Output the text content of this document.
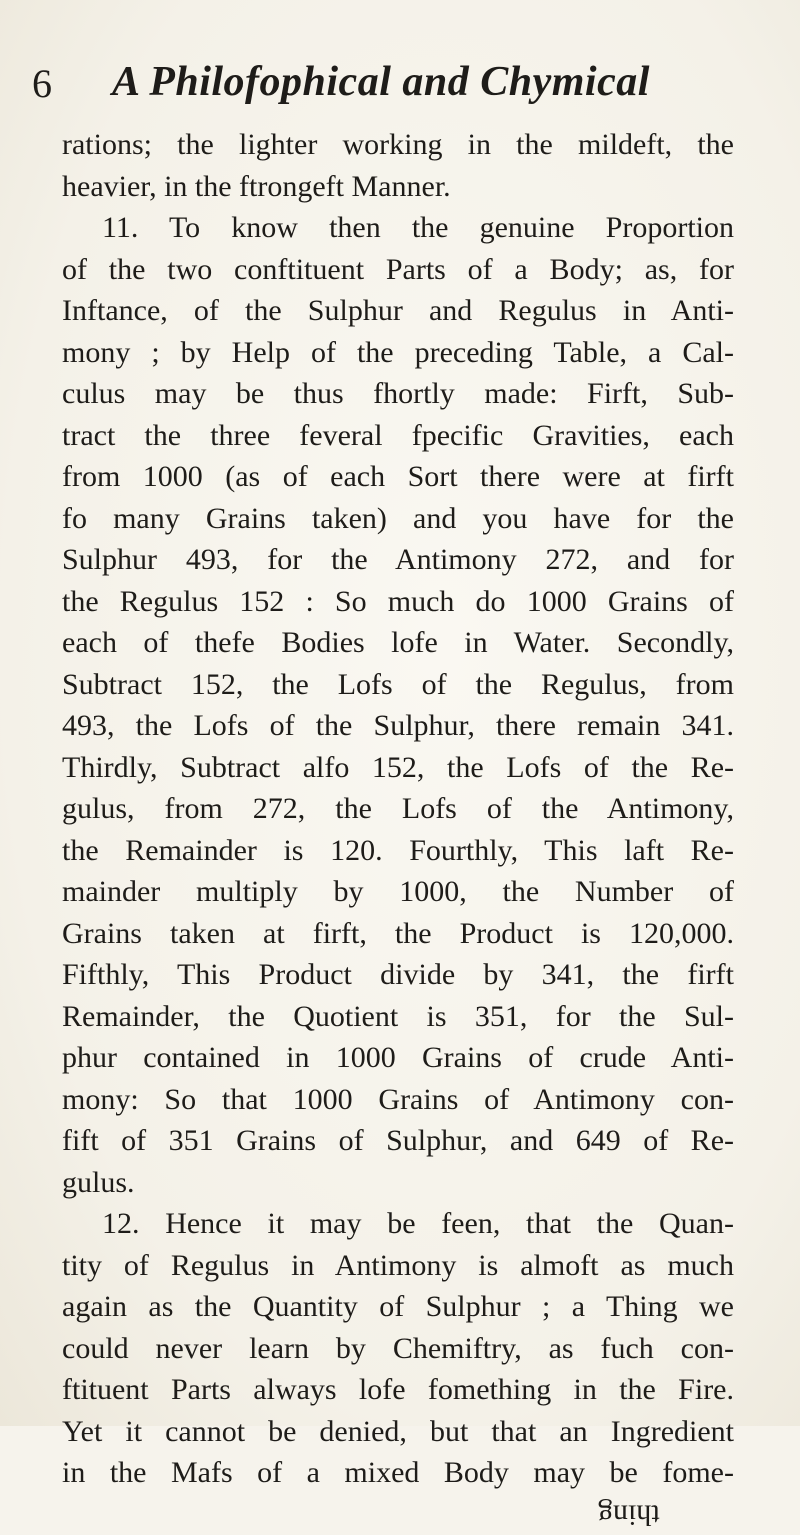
6 A Philofophical and Chymical
rations; the lighter working in the mildeft, the
heavier, in the ftrongeft Manner.
11. To know then the genuine Proportion
of the two conftituent Parts of a Body; as, for
Inftance, of the Sulphur and Regulus in Anti-
mony ; by Help of the preceding Table, a Cal-
culus may be thus fhortly made: Firft, Sub-
tract the three feveral fpecific Gravities, each
from 1000 (as of each Sort there were at firft
fo many Grains taken) and you have for the
Sulphur 493, for the Antimony 272, and for
the Regulus 152 : So much do 1000 Grains of
each of thefe Bodies lofe in Water. Secondly,
Subtract 152, the Lofs of the Regulus, from
493, the Lofs of the Sulphur, there remain 341.
Thirdly, Subtract alfo 152, the Lofs of the Re-
gulus, from 272, the Lofs of the Antimony,
the Remainder is 120. Fourthly, This laft Re-
mainder multiply by 1000, the Number of
Grains taken at firft, the Product is 120,000.
Fifthly, This Product divide by 341, the firft
Remainder, the Quotient is 351, for the Sul-
phur contained in 1000 Grains of crude Anti-
mony: So that 1000 Grains of Antimony con-
fift of 351 Grains of Sulphur, and 649 of Re-
gulus.
12. Hence it may be feen, that the Quan-
tity of Regulus in Antimony is almoft as much
again as the Quantity of Sulphur ; a Thing we
could never learn by Chemiftry, as fuch con-
ftituent Parts always lofe fomething in the Fire.
Yet it cannot be denied, but that an Ingredient
in the Mafs of a mixed Body may be fome-
thing
